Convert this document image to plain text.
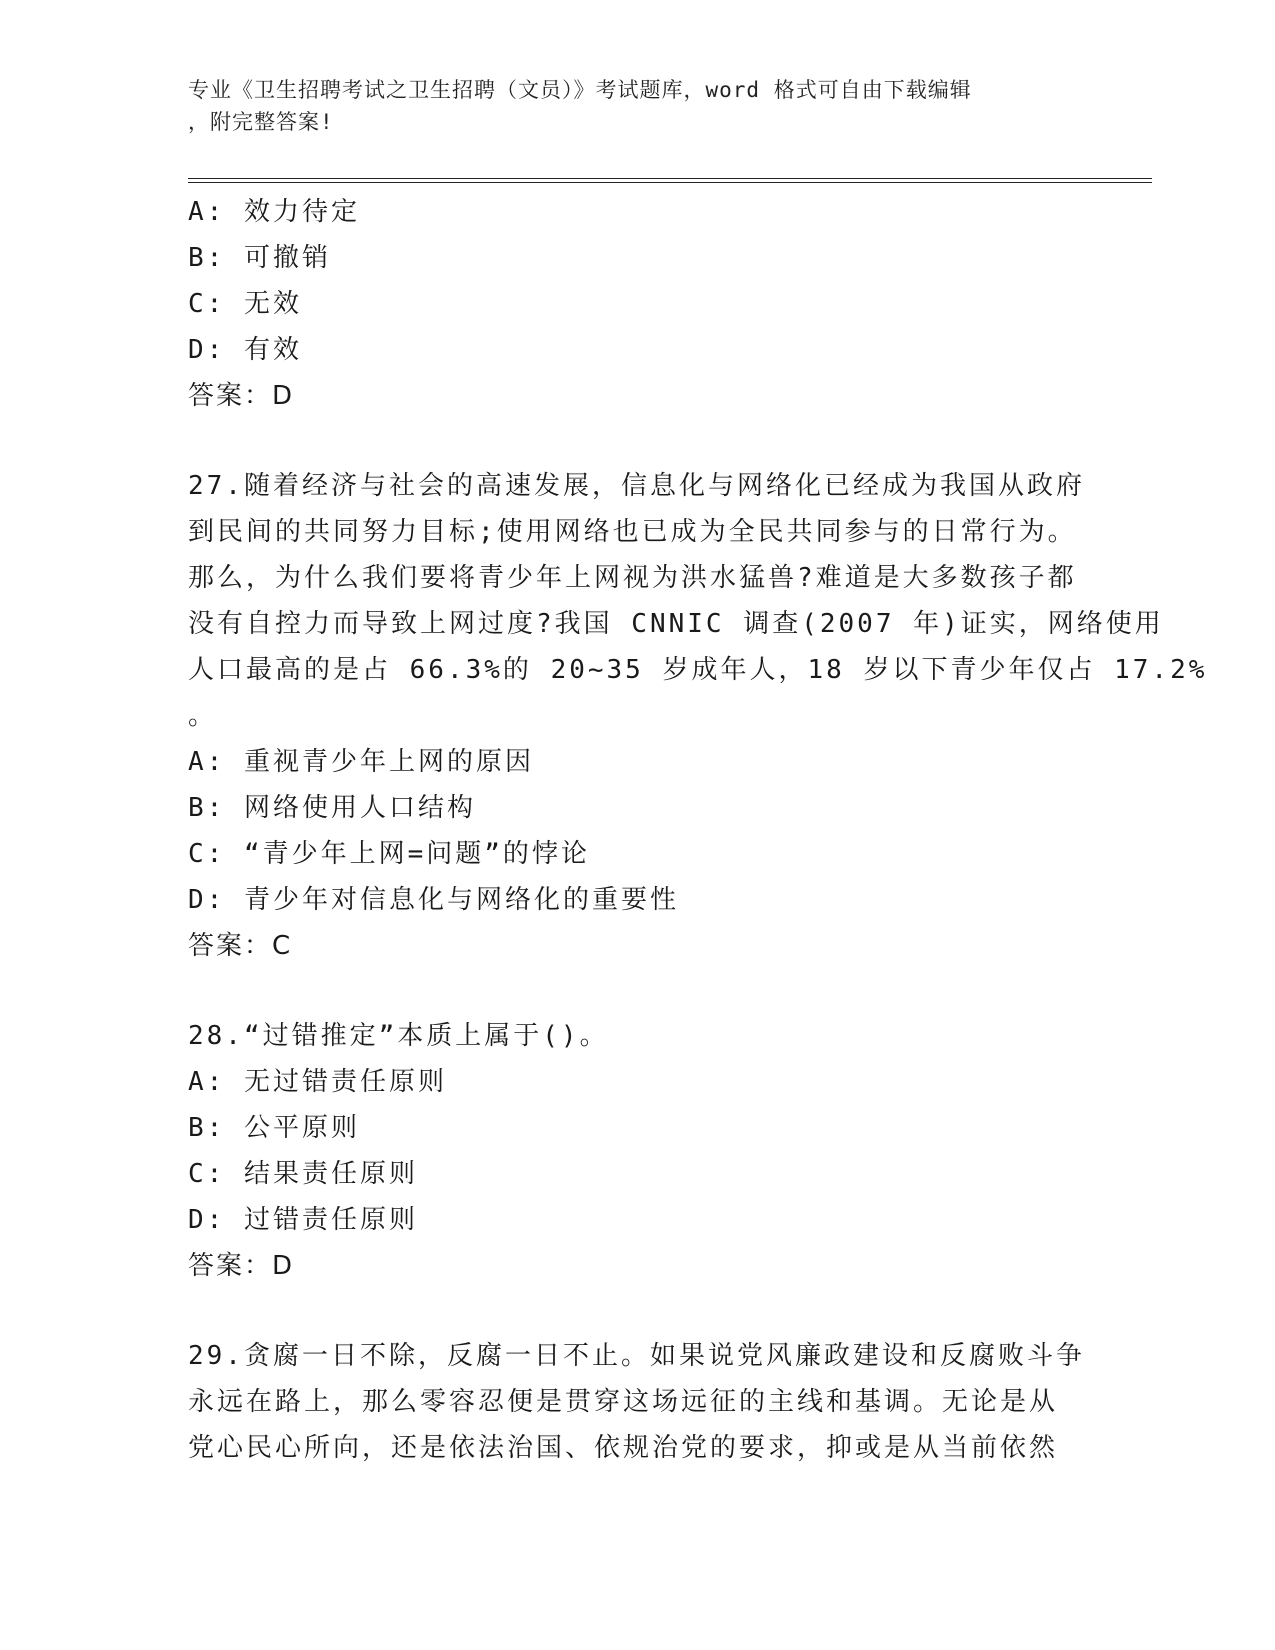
专业《卫生招聘考试之卫生招聘（文员）》考试题库，word 格式可自由下载编辑
，附完整答案!
A: 效力待定
B: 可撤销
C: 无效
D: 有效
答案：D
27.随着经济与社会的高速发展，信息化与网络化已经成为我国从政府
到民间的共同努力目标;使用网络也已成为全民共同参与的日常行为。
那么，为什么我们要将青少年上网视为洪水猛兽?难道是大多数孩子都
没有自控力而导致上网过度?我国 CNNIC 调查(2007 年)证实，网络使用
人口最高的是占 66.3%的 20~35 岁成年人，18 岁以下青少年仅占 17.2%
。
A: 重视青少年上网的原因
B: 网络使用人口结构
C: “青少年上网=问题”的悖论
D: 青少年对信息化与网络化的重要性
答案：C
28.“过错推定”本质上属于()。
A: 无过错责任原则
B: 公平原则
C: 结果责任原则
D: 过错责任原则
答案：D
29.贪腐一日不除，反腐一日不止。如果说党风廉政建设和反腐败斗争
永远在路上，那么零容忍便是贯穿这场远征的主线和基调。无论是从
党心民心所向，还是依法治国、依规治党的要求，抑或是从当前依然
